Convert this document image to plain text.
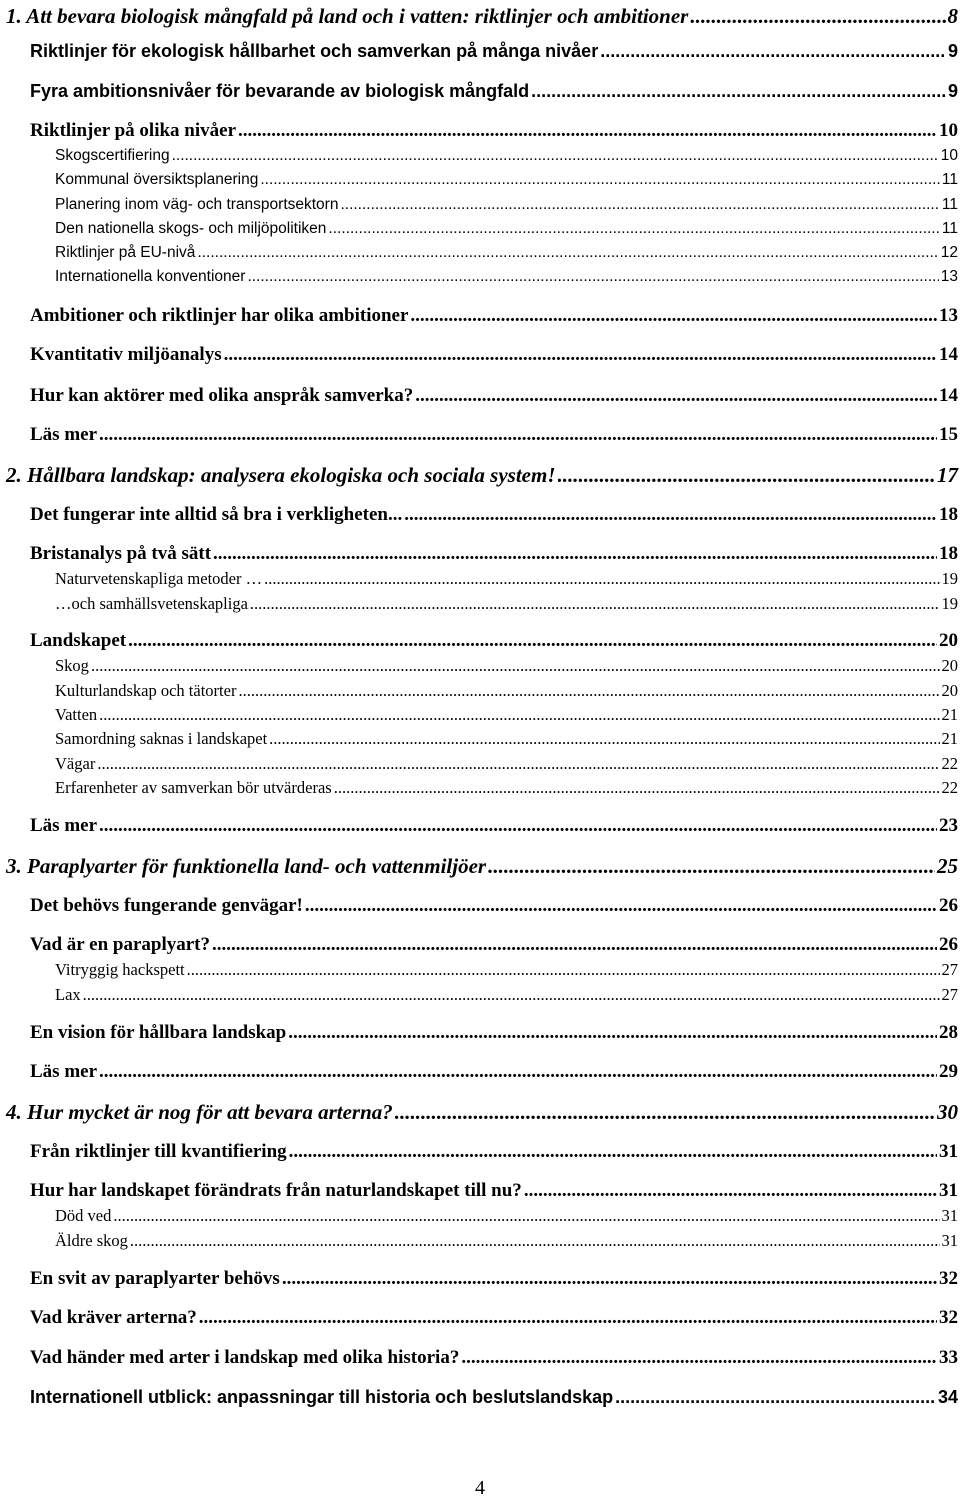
1. Att bevara biologisk mångfald på land och i vatten: riktlinjer och ambitioner .....	8
Riktlinjer för ekologisk hållbarhet och samverkan på många nivåer .....	9
Fyra ambitionsnivåer för bevarande av biologisk mångfald .....	9
Riktlinjer på olika nivåer .....	10
Skogscertifiering .....	10
Kommunal översiktsplanering .....	11
Planering inom väg- och transportsektorn .....	11
Den nationella skogs- och miljöpolitiken .....	11
Riktlinjer på EU-nivå .....	12
Internationella konventioner .....	13
Ambitioner och riktlinjer har olika ambitioner .....	13
Kvantitativ miljöanalys .....	14
Hur kan aktörer med olika anspråk samverka? .....	14
Läs mer .....	15
2. Hållbara landskap: analysera ekologiska och sociala system! .....	17
Det fungerar inte alltid så bra i verkligheten... .....	18
Bristanalys på två sätt .....	18
Naturvetenskapliga metoder … .....	19
…och samhällsvetenskapliga .....	19
Landskapet .....	20
Skog .....	20
Kulturlandskap och tätorter .....	20
Vatten .....	21
Samordning saknas i landskapet .....	21
Vägar .....	22
Erfarenheter av samverkan bör utvärderas .....	22
Läs mer .....	23
3. Paraplyarter för funktionella land- och vattenmiljöer .....	25
Det behövs fungerande genvägar! .....	26
Vad är en paraplyart? .....	26
Vitryggig hackspett .....	27
Lax .....	27
En vision för hållbara landskap .....	28
Läs mer .....	29
4. Hur mycket är nog för att bevara arterna? .....	30
Från riktlinjer till kvantifiering .....	31
Hur har landskapet förändrats från naturlandskapet till nu? .....	31
Död ved .....	31
Äldre skog .....	31
En svit av paraplyarter behövs .....	32
Vad kräver arterna? .....	32
Vad händer med arter i landskap med olika historia? .....	33
Internationell utblick: anpassningar till historia och beslutslandskap .....	34
4
